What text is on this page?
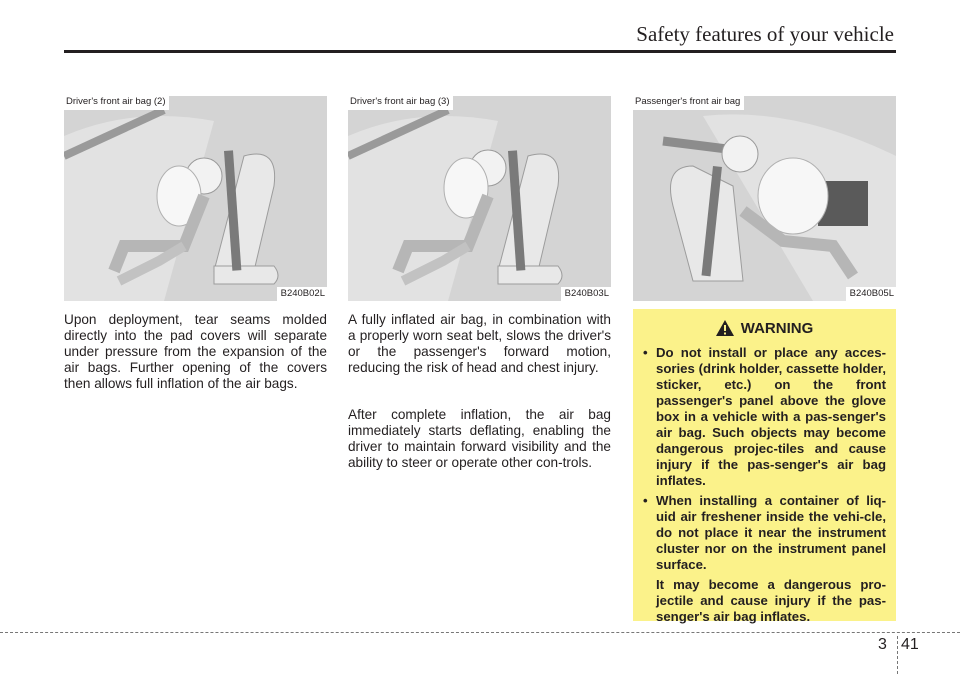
Safety features of your vehicle
Driver's front air bag (2)
B240B02L
Driver's front air bag (3)
B240B03L
Passenger's front air bag
B240B05L

Upon deployment, tear seams molded directly into the pad covers will separate under pressure from the expansion of the air bags. Further opening of the covers then allows full inflation of the air bags.

A fully inflated air bag, in combination with a properly worn seat belt, slows the driver's or the passenger's forward motion, reducing the risk of head and chest injury.

After complete inflation, the air bag immediately starts deflating, enabling the driver to maintain forward visibility and the ability to steer or operate other con-trols.

WARNING
• Do not install or place any acces-sories (drink holder, cassette holder, sticker, etc.) on the front passenger's panel above the glove box in a vehicle with a pas-senger's air bag. Such objects may become dangerous projec-tiles and cause injury if the pas-senger's air bag inflates.

• When installing a container of liq-uid air freshener inside the vehi-cle, do not place it near the instrument cluster nor on the instrument panel surface.

It may become a dangerous pro-jectile and cause injury if the pas-senger's air bag inflates.

3 41
